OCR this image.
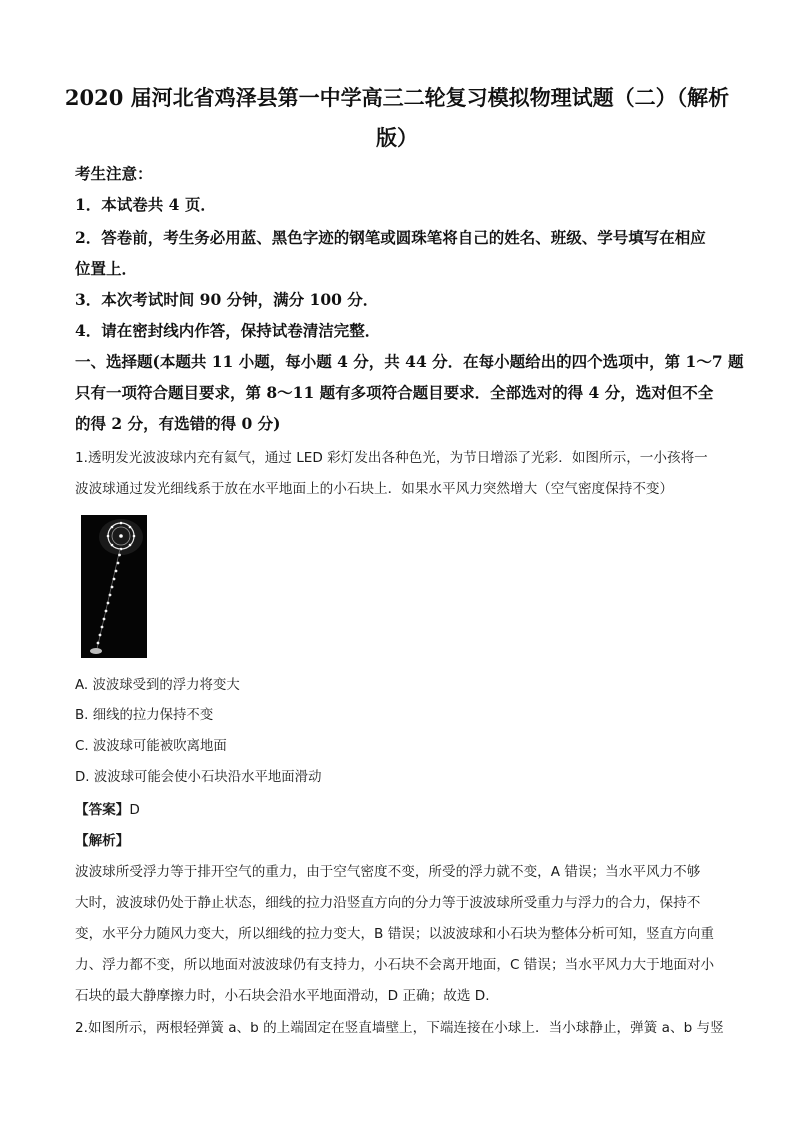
2020 届河北省鸡泽县第一中学高三二轮复习模拟物理试题（二）（解析
版）
考生注意：
1．本试卷共 4 页．
2．答卷前，考生务必用蓝、黑色字迹的钢笔或圆珠笔将自己的姓名、班级、学号填写在相应
位置上．
3．本次考试时间 90 分钟，满分 100 分．
4．请在密封线内作答，保持试卷清洁完整．
一、选择题(本题共 11 小题，每小题 4 分，共 44 分．在每小题给出的四个选项中，第 1～7 题
只有一项符合题目要求，第 8～11 题有多项符合题目要求．全部选对的得 4 分，选对但不全
的得 2 分，有选错的得 0 分)
1.透明发光波波球内充有氦气，通过 LED 彩灯发出各种色光，为节日增添了光彩．如图所示，一小孩将一
波波球通过发光细线系于放在水平地面上的小石块上．如果水平风力突然增大（空气密度保持不变）
A. 波波球受到的浮力将变大
B. 细线的拉力保持不变
C. 波波球可能被吹离地面
D. 波波球可能会使小石块沿水平地面滑动
【答案】D
【解析】
波波球所受浮力等于排开空气的重力，由于空气密度不变，所受的浮力就不变，A 错误；当水平风力不够
大时，波波球仍处于静止状态，细线的拉力沿竖直方向的分力等于波波球所受重力与浮力的合力，保持不
变，水平分力随风力变大，所以细线的拉力变大，B 错误；以波波球和小石块为整体分析可知，竖直方向重
力、浮力都不变，所以地面对波波球仍有支持力，小石块不会离开地面，C 错误；当水平风力大于地面对小
石块的最大静摩擦力时，小石块会沿水平地面滑动，D 正确；故选 D.
2.如图所示，两根轻弹簧 a、b 的上端固定在竖直墙壁上，下端连接在小球上．当小球静止，弹簧 a、b 与竖
